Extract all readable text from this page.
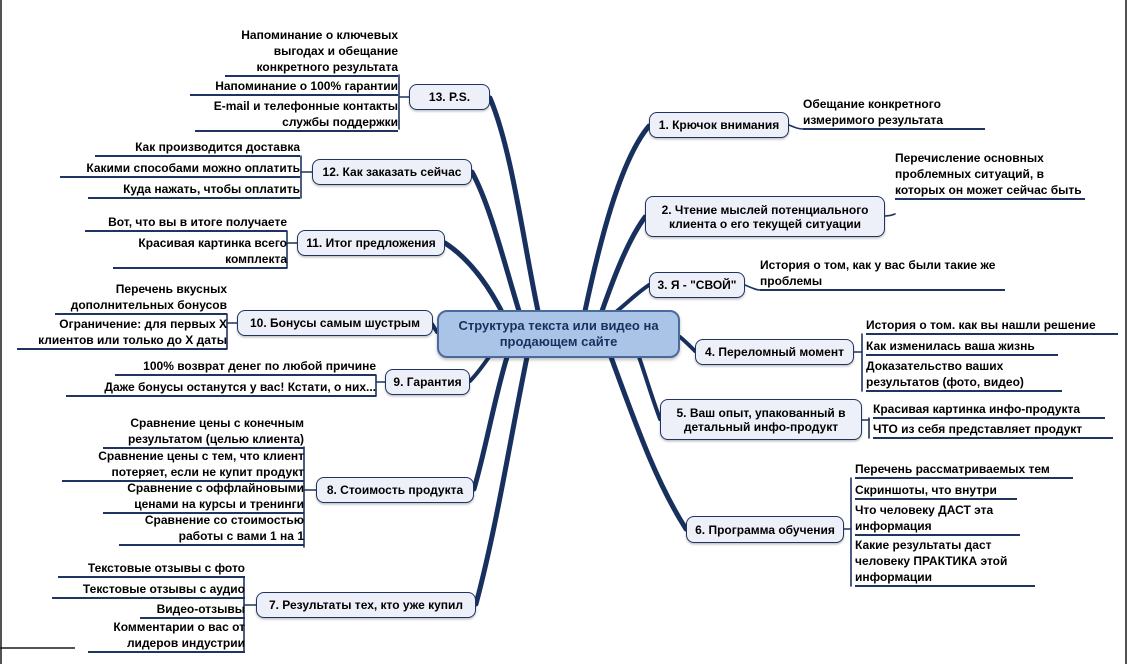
Структура текста или видео на продающем сайте
1. Крючок внимания
2. Чтение мыслей потенциального клиента о его текущей ситуации
3. Я - "СВОЙ"
4. Переломный момент
5. Ваш опыт, упакованный в детальный инфо-продукт
6. Программа обучения
7. Результаты тех, кто уже купил
8. Стоимость продукта
9. Гарантия
10. Бонусы самым шустрым
11. Итог предложения
12. Как заказать сейчас
13. P.S.
Напоминание о ключевых выгодах и обещание конкретного результата
Напоминание о 100% гарантии
E-mail и телефонные контакты службы поддержки
Как производится доставка
Какими способами можно оплатить
Куда нажать, чтобы оплатить
Вот, что вы в итоге получаете
Красивая картинка всего комплекта
Перечень вкусных дополнительных бонусов
Ограничение: для первых X клиентов или только до X даты
100% возврат денег по любой причине
Даже бонусы останутся у вас! Кстати, о них...
Сравнение цены с конечным результатом (целью клиента)
Сравнение цены с тем, что клиент потеряет, если не купит продукт
Сравнение с оффлайновыми ценами на курсы и тренинги
Сравнение со стоимостью работы с вами 1 на 1
Текстовые отзывы с фото
Текстовые отзывы с аудио
Видео-отзывы
Комментарии о вас от лидеров индустрии
Обещание конкретного измеримого результата
Перечисление основных проблемных ситуаций, в которых он может сейчас быть
История о том, как у вас были такие же проблемы
История о том. как вы нашли решение
Как изменилась ваша жизнь
Доказательство ваших результатов (фото, видео)
Красивая картинка инфо-продукта
ЧТО из себя представляет продукт
Перечень рассматриваемых тем
Скриншоты, что внутри
Что человеку ДАСТ эта информация
Какие результаты даст человеку ПРАКТИКА этой информации
